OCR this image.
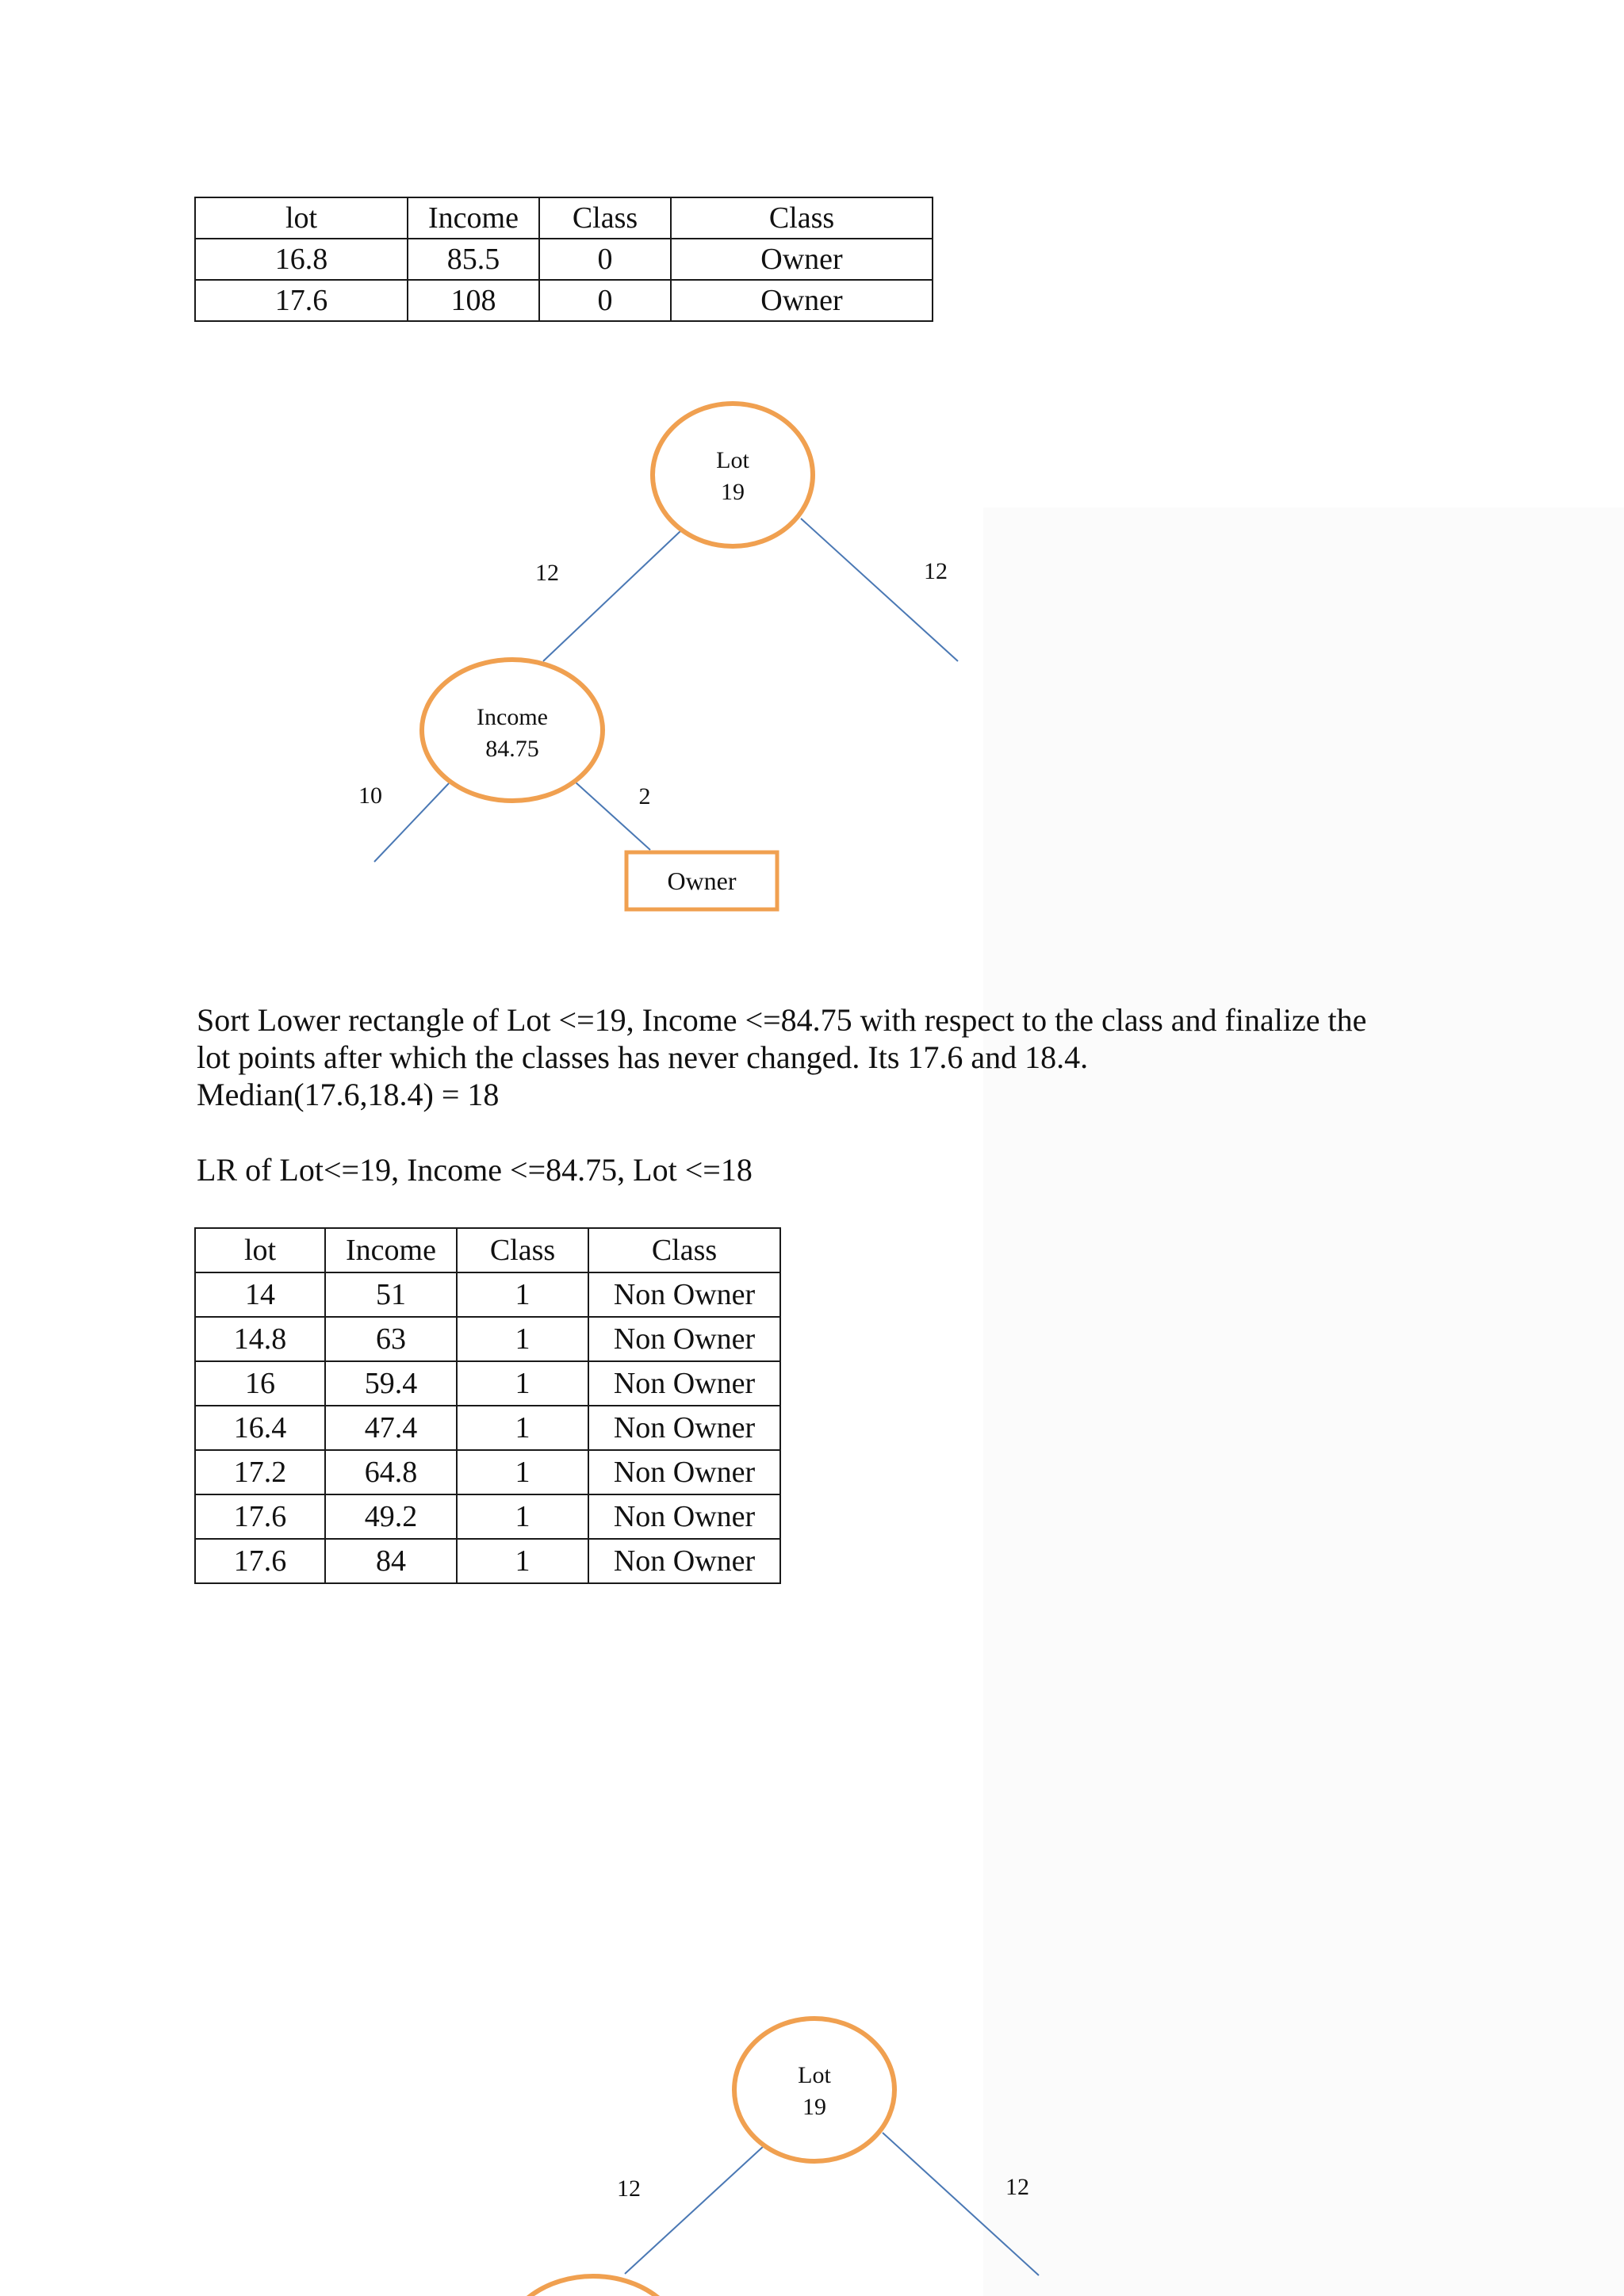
lot	Income	Class	Class
16.8	85.5	0	Owner
17.6	108	0	Owner
Lot
19
12	12
Income
84.75
10	2
Owner
Lot
19
12	12
Sort Lower rectangle of Lot <=19, Income <=84.75 with respect to the class and finalize the
lot points after which the classes has never changed. Its 17.6 and 18.4.
Median(17.6,18.4) = 18
LR of Lot<=19, Income <=84.75, Lot <=18
lot	Income	Class	Class
14	51	1	Non Owner
14.8	63	1	Non Owner
16	59.4	1	Non Owner
16.4	47.4	1	Non Owner
17.2	64.8	1	Non Owner
17.6	49.2	1	Non Owner
17.6	84	1	Non Owner
